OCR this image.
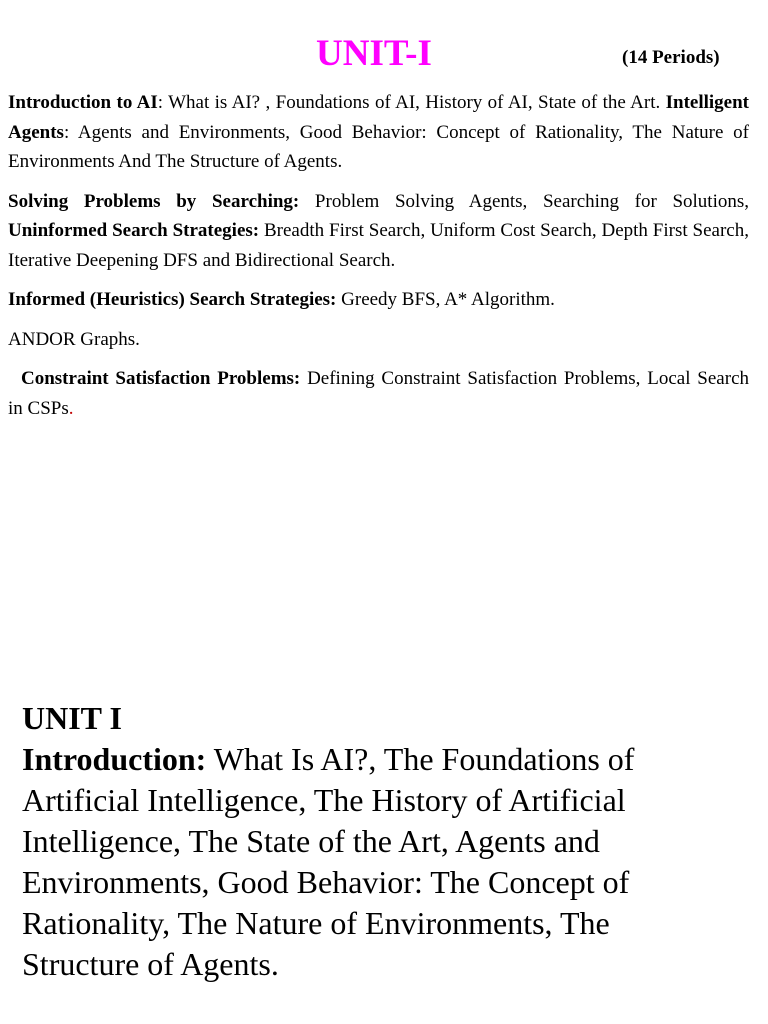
UNIT-I	(14 Periods)

Introduction to AI: What is AI? , Foundations of AI, History of AI, State of the Art. Intelligent Agents: Agents and Environments, Good Behavior: Concept of Rationality, The Nature of Environments And The Structure of Agents.

Solving Problems by Searching: Problem Solving Agents, Searching for Solutions, Uninformed Search Strategies: Breadth First Search, Uniform Cost Search, Depth First Search, Iterative Deepening DFS and Bidirectional Search.

Informed (Heuristics) Search Strategies: Greedy BFS, A* Algorithm.

ANDOR Graphs.

Constraint Satisfaction Problems: Defining Constraint Satisfaction Problems, Local Search in CSPs.

UNIT I
Introduction: What Is AI?, The Foundations of Artificial Intelligence, The History of Artificial Intelligence, The State of the Art, Agents and Environments, Good Behavior: The Concept of Rationality, The Nature of Environments, The Structure of Agents.
